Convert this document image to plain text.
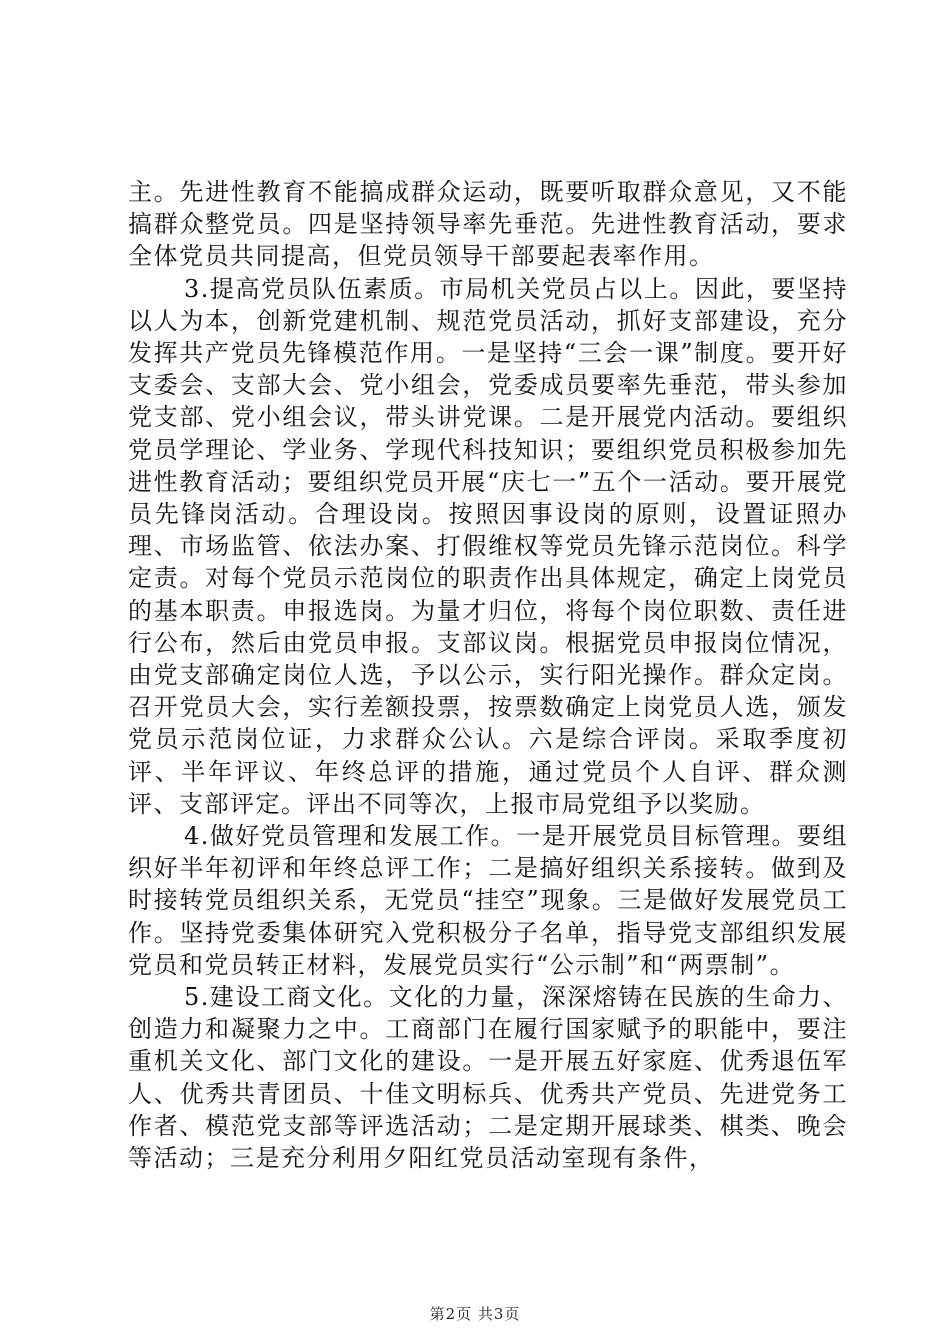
主。先进性教育不能搞成群众运动，既要听取群众意见，又不能搞群众整党员。四是坚持领导率先垂范。先进性教育活动，要求全体党员共同提高，但党员领导干部要起表率作用。

3.提高党员队伍素质。市局机关党员占以上。因此，要坚持以人为本，创新党建机制、规范党员活动，抓好支部建设，充分发挥共产党员先锋模范作用。一是坚持“三会一课”制度。要开好支委会、支部大会、党小组会，党委成员要率先垂范，带头参加党支部、党小组会议，带头讲党课。二是开展党内活动。要组织党员学理论、学业务、学现代科技知识；要组织党员积极参加先进性教育活动；要组织党员开展“庆七一”五个一活动。要开展党员先锋岗活动。合理设岗。按照因事设岗的原则，设置证照办理、市场监管、依法办案、打假维权等党员先锋示范岗位。科学定责。对每个党员示范岗位的职责作出具体规定，确定上岗党员的基本职责。申报选岗。为量才归位，将每个岗位职数、责任进行公布，然后由党员申报。支部议岗。根据党员申报岗位情况，由党支部确定岗位人选，予以公示，实行阳光操作。群众定岗。召开党员大会，实行差额投票，按票数确定上岗党员人选，颁发党员示范岗位证，力求群众公认。六是综合评岗。采取季度初评、半年评议、年终总评的措施，通过党员个人自评、群众测评、支部评定。评出不同等次，上报市局党组予以奖励。

4.做好党员管理和发展工作。一是开展党员目标管理。要组织好半年初评和年终总评工作；二是搞好组织关系接转。做到及时接转党员组织关系，无党员“挂空”现象。三是做好发展党员工作。坚持党委集体研究入党积极分子名单，指导党支部组织发展党员和党员转正材料，发展党员实行“公示制”和“两票制”。

5.建设工商文化。文化的力量，深深熔铸在民族的生命力、创造力和凝聚力之中。工商部门在履行国家赋予的职能中，要注重机关文化、部门文化的建设。一是开展五好家庭、优秀退伍军人、优秀共青团员、十佳文明标兵、优秀共产党员、先进党务工作者、模范党支部等评选活动；二是定期开展球类、棋类、晚会等活动；三是充分利用夕阳红党员活动室现有条件，

第2页 共3页
